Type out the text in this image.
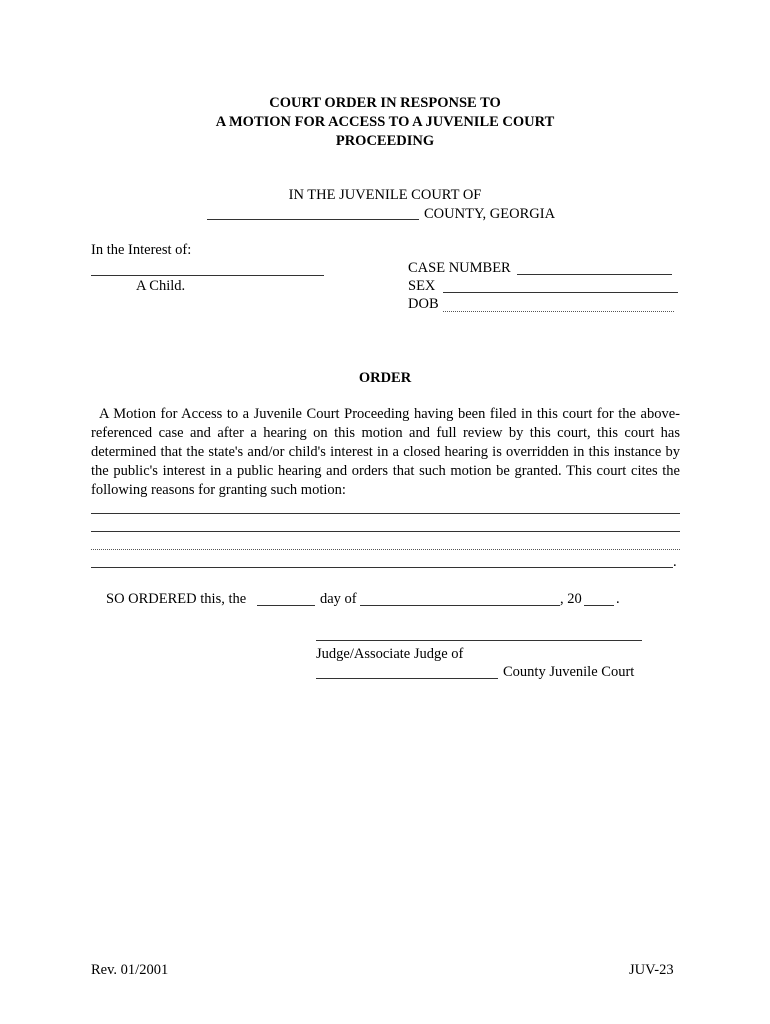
COURT ORDER IN RESPONSE TO
A MOTION FOR ACCESS TO A JUVENILE COURT
PROCEEDING
IN THE JUVENILE COURT OF
COUNTY, GEORGIA
In the Interest of:
A Child.
CASE NUMBER
SEX
DOB
ORDER
A Motion for Access to a Juvenile Court Proceeding having been filed in this court for the above-referenced case and after a hearing on this motion and full review by this court, this court has determined that the state's and/or child's interest in a closed hearing is overridden in this instance by the public's interest in a public hearing and orders that such motion be granted. This court cites the following reasons for granting such motion:
.
SO ORDERED this, the	day of	, 20 .
Judge/Associate Judge of
County Juvenile Court
Rev. 01/2001	JUV-23
